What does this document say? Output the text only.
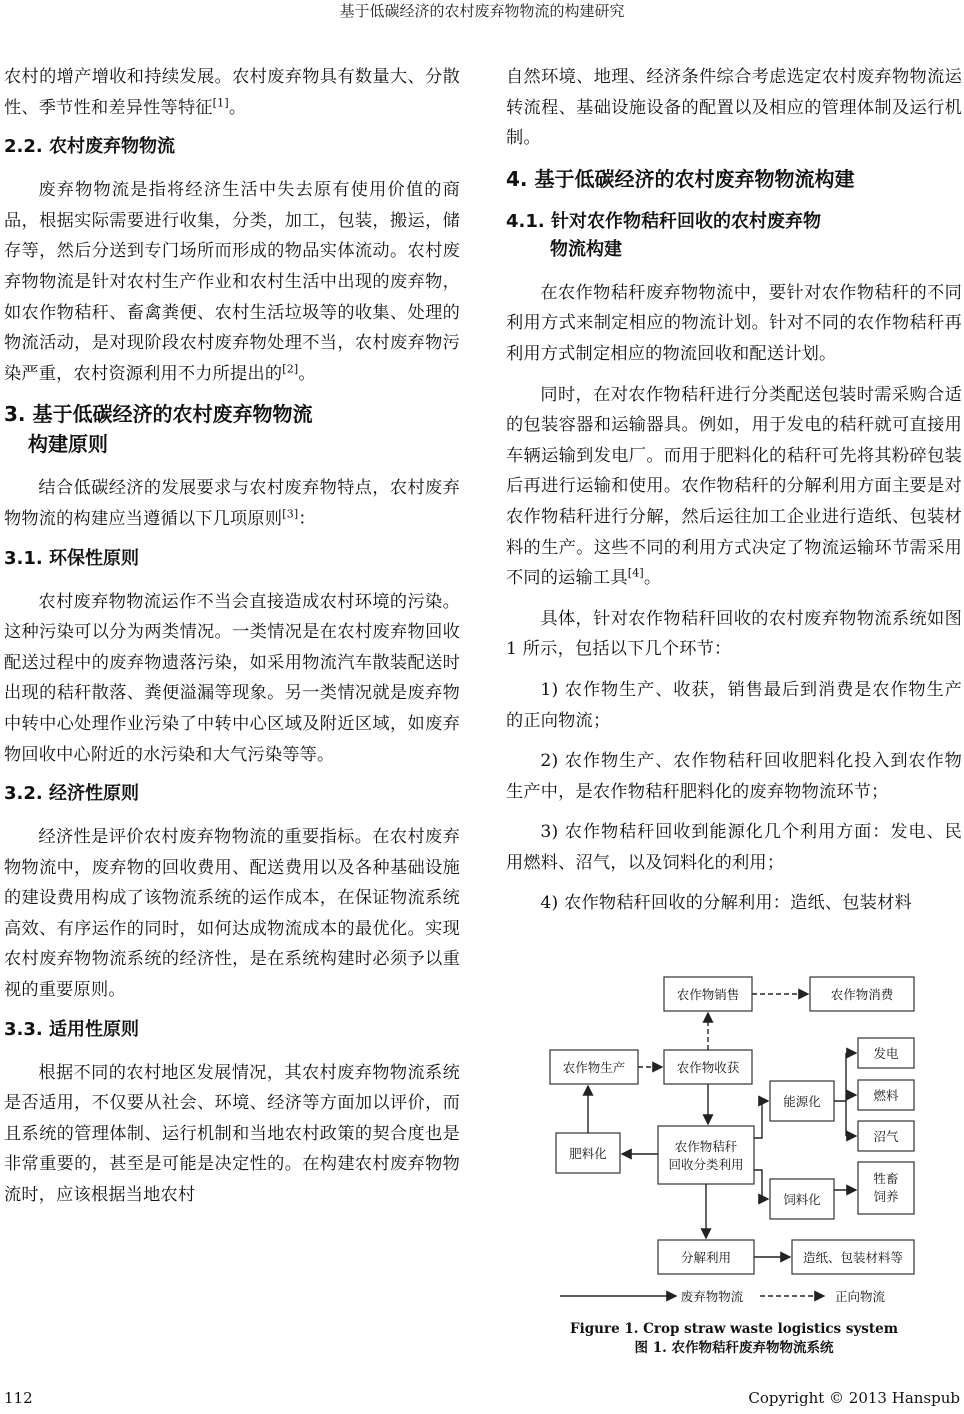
基于低碳经济的农村废弃物物流的构建研究

农村的增产增收和持续发展。农村废弃物具有数量大、分散性、季节性和差异性等特征[1]。

2.2. 农村废弃物物流

废弃物物流是指将经济生活中失去原有使用价值的商品，根据实际需要进行收集，分类，加工，包装，搬运，储存等，然后分送到专门场所而形成的物品实体流动。农村废弃物物流是针对农村生产作业和农村生活中出现的废弃物，如农作物秸秆、畜禽粪便、农村生活垃圾等的收集、处理的物流活动，是对现阶段农村废弃物处理不当，农村废弃物污染严重，农村资源利用不力所提出的[2]。

3. 基于低碳经济的农村废弃物物流
构建原则

结合低碳经济的发展要求与农村废弃物特点，农村废弃物物流的构建应当遵循以下几项原则[3]：

3.1. 环保性原则

农村废弃物物流运作不当会直接造成农村环境的污染。这种污染可以分为两类情况。一类情况是在农村废弃物回收配送过程中的废弃物遗落污染，如采用物流汽车散装配送时出现的秸秆散落、粪便溢漏等现象。另一类情况就是废弃物中转中心处理作业污染了中转中心区域及附近区域，如废弃物回收中心附近的水污染和大气污染等等。

3.2. 经济性原则

经济性是评价农村废弃物物流的重要指标。在农村废弃物物流中，废弃物的回收费用、配送费用以及各种基础设施的建设费用构成了该物流系统的运作成本，在保证物流系统高效、有序运作的同时，如何达成物流成本的最优化。实现农村废弃物物流系统的经济性，是在系统构建时必须予以重视的重要原则。

3.3. 适用性原则

根据不同的农村地区发展情况，其农村废弃物物流系统是否适用，不仅要从社会、环境、经济等方面加以评价，而且系统的管理体制、运行机制和当地农村政策的契合度也是非常重要的，甚至是可能是决定性的。在构建农村废弃物物流时，应该根据当地农村

自然环境、地理、经济条件综合考虑选定农村废弃物物流运转流程、基础设施设备的配置以及相应的管理体制及运行机制。

4. 基于低碳经济的农村废弃物物流构建
4.1. 针对农作物秸秆回收的农村废弃物
物流构建

在农作物秸秆废弃物物流中，要针对农作物秸秆的不同利用方式来制定相应的物流计划。针对不同的农作物秸秆再利用方式制定相应的物流回收和配送计划。

同时，在对农作物秸秆进行分类配送包装时需采购合适的包装容器和运输器具。例如，用于发电的秸秆就可直接用车辆运输到发电厂。而用于肥料化的秸秆可先将其粉碎包装后再进行运输和使用。农作物秸秆的分解利用方面主要是对农作物秸秆进行分解，然后运往加工企业进行造纸、包装材料的生产。这些不同的利用方式决定了物流运输环节需采用不同的运输工具[4]。

具体，针对农作物秸秆回收的农村废弃物物流系统如图 1 所示，包括以下几个环节：

1) 农作物生产、收获，销售最后到消费是农作物生产的正向物流；

2) 农作物生产、农作物秸秆回收肥料化投入到农作物生产中，是农作物秸秆肥料化的废弃物物流环节；

3) 农作物秸秆回收到能源化几个利用方面：发电、民用燃料、沼气，以及饲料化的利用；

4) 农作物秸秆回收的分解利用：造纸、包装材料

农作物销售	农作物消费
农作物生产	农作物收获
能源化
发电
燃料
沼气
肥料化	农作物秸秆
回收分类利用
饲料化
牲畜
饲养
分解利用	造纸、包装材料等
废弃物物流	正向物流
Figure 1. Crop straw waste logistics system
图 1. 农作物秸秆废弃物物流系统
112	Copyright © 2013 Hanspub
